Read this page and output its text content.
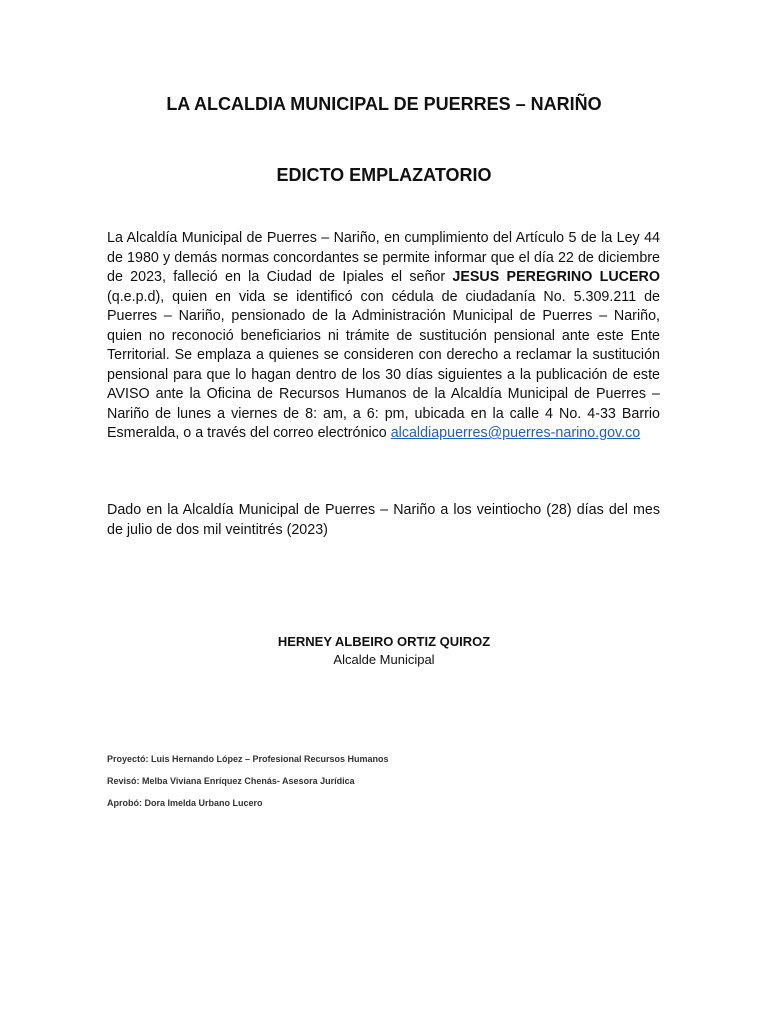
LA ALCALDIA MUNICIPAL DE PUERRES – NARIÑO
EDICTO EMPLAZATORIO

La Alcaldía Municipal de Puerres – Nariño, en cumplimiento del Artículo 5 de la Ley 44 de 1980 y demás normas concordantes se permite informar que el día 22 de diciembre de 2023, falleció en la Ciudad de Ipiales el señor JESUS PEREGRINO LUCERO (q.e.p.d), quien en vida se identificó con cédula de ciudadanía No. 5.309.211 de Puerres – Nariño, pensionado de la Administración Municipal de Puerres – Nariño, quien no reconoció beneficiarios ni trámite de sustitución pensional ante este Ente Territorial. Se emplaza a quienes se consideren con derecho a reclamar la sustitución pensional para que lo hagan dentro de los 30 días siguientes a la publicación de este AVISO ante la Oficina de Recursos Humanos de la Alcaldía Municipal de Puerres – Nariño de lunes a viernes de 8: am, a 6: pm, ubicada en la calle 4 No. 4-33 Barrio Esmeralda, o a través del correo electrónico alcaldiapuerres@puerres-narino.gov.co

Dado en la Alcaldía Municipal de Puerres – Nariño a los veintiocho (28) días del mes de julio de dos mil veintitrés (2023)

HERNEY ALBEIRO ORTIZ QUIROZ
Alcalde Municipal

Proyectó: Luis Hernando López – Profesional Recursos Humanos

Revisó: Melba Viviana Enríquez Chenás- Asesora Jurídica

Aprobó: Dora Imelda Urbano Lucero
